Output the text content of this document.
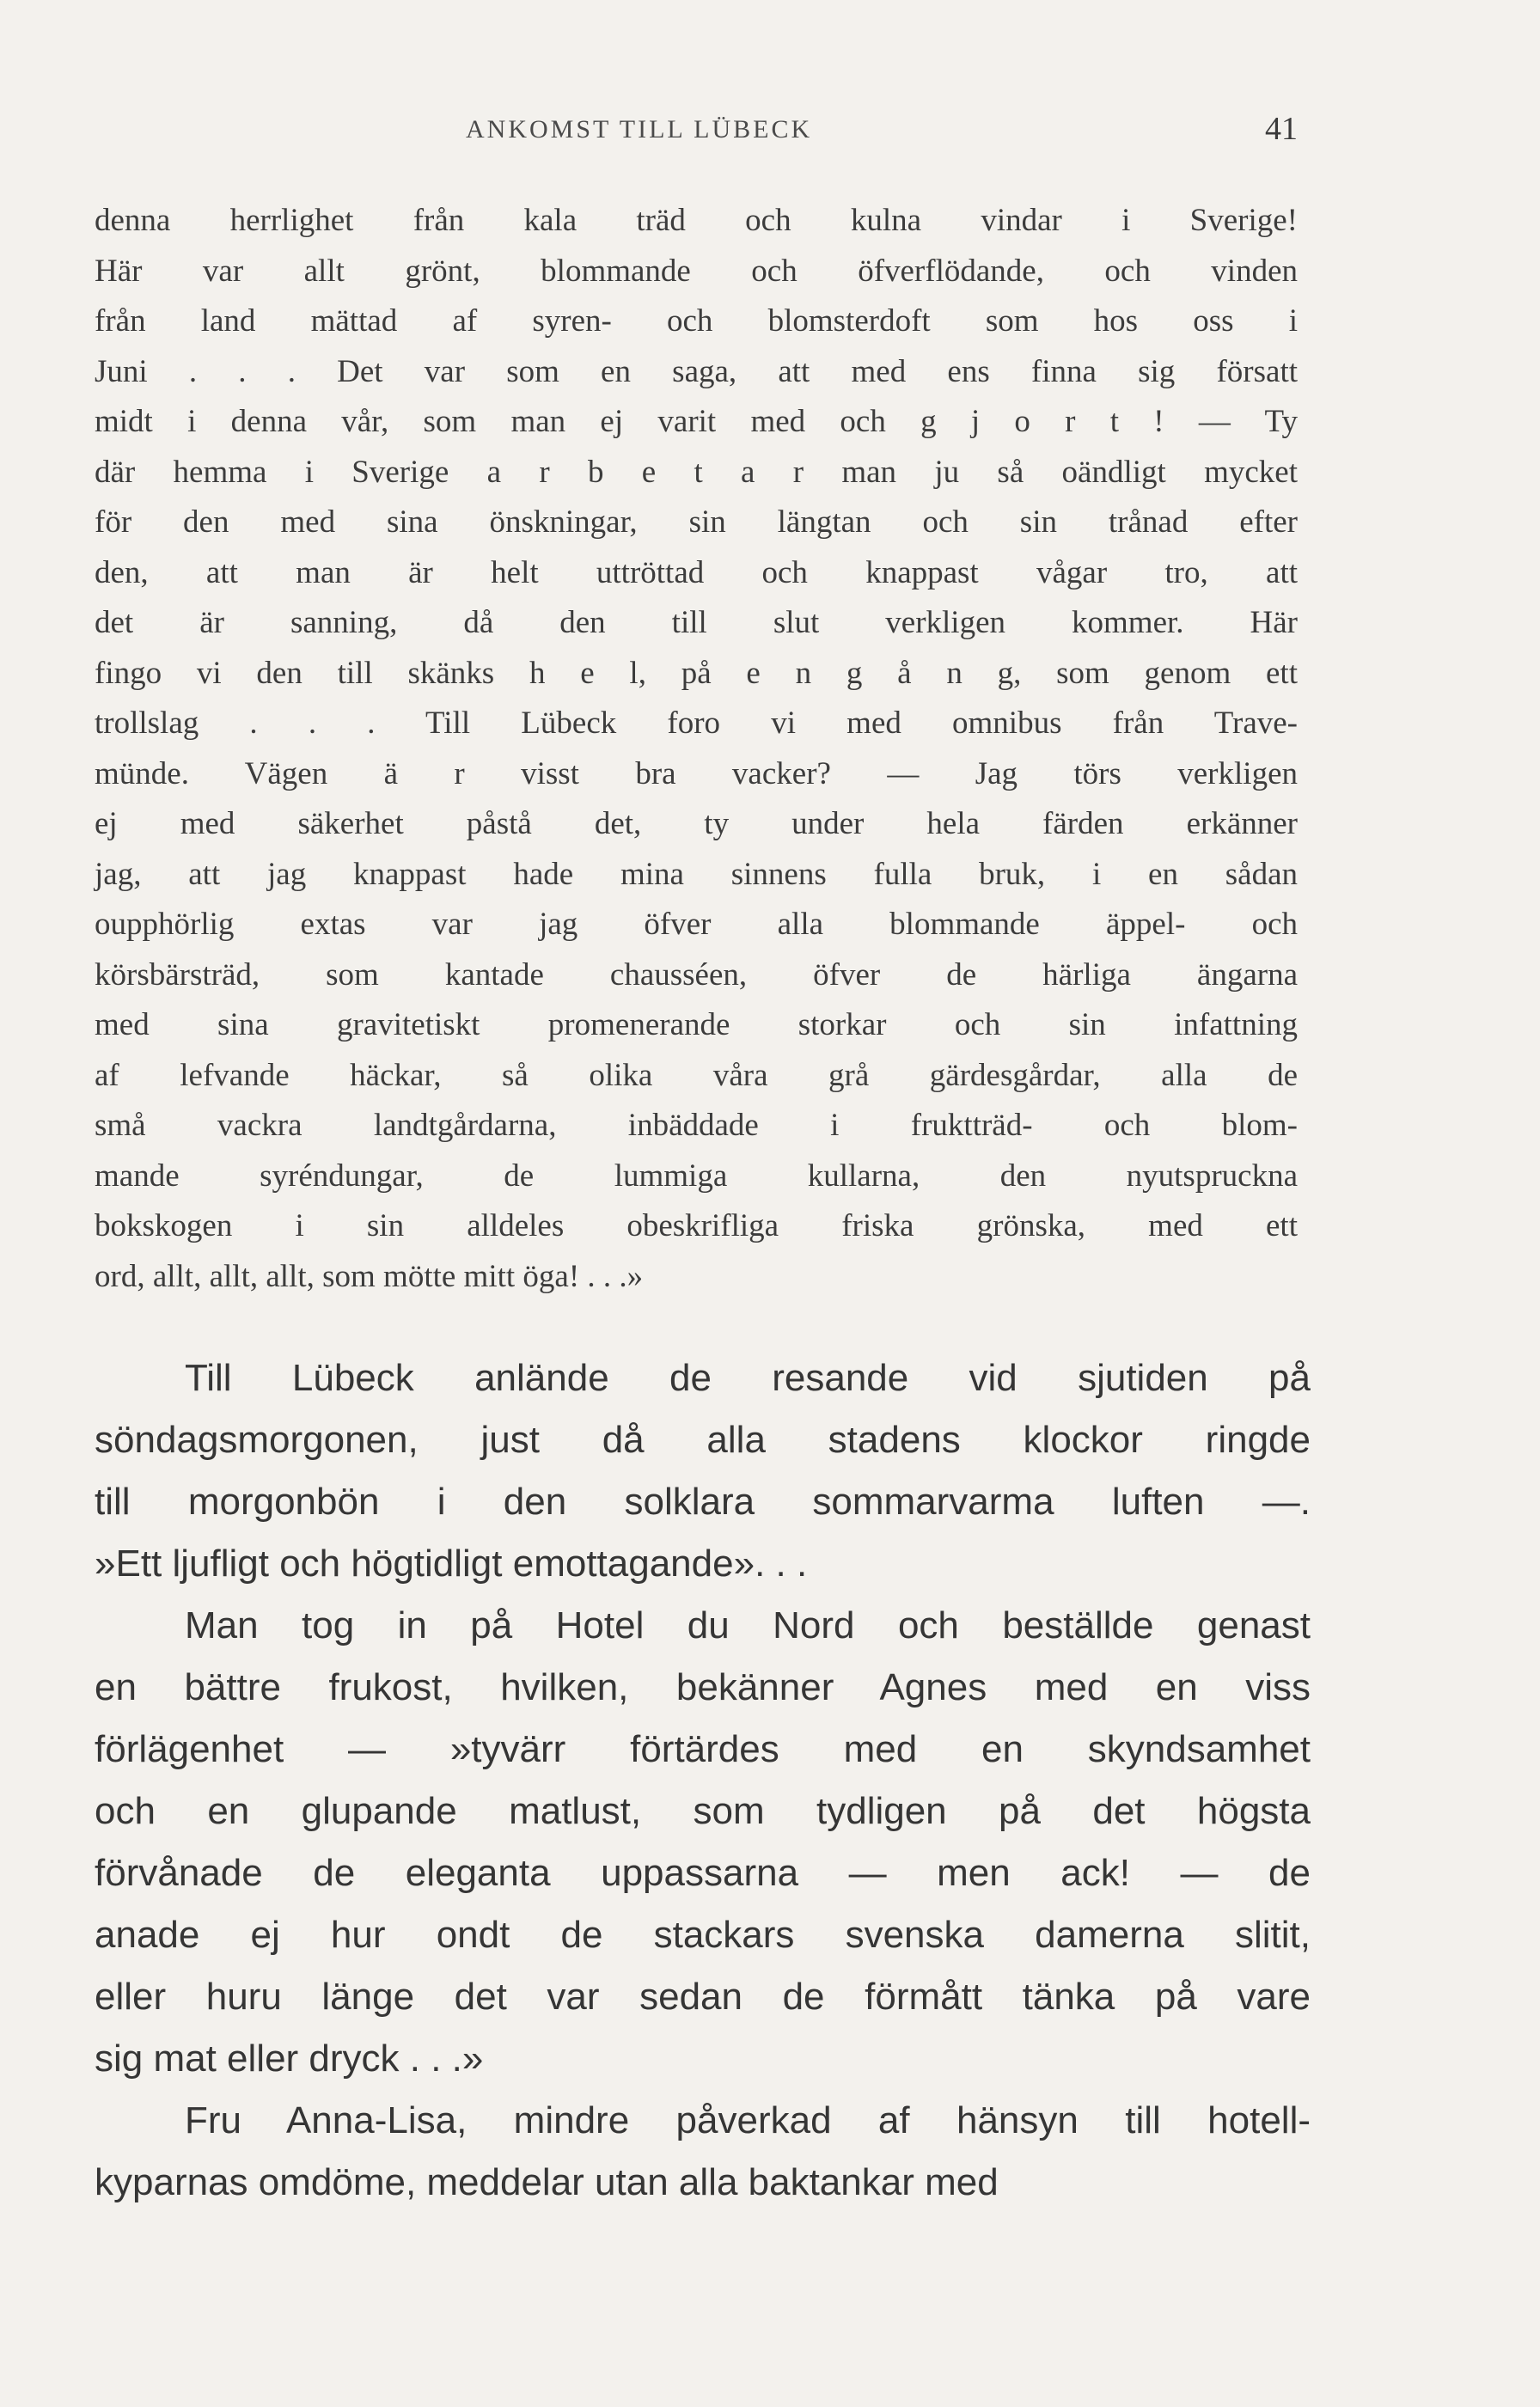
ANKOMST TILL LÜBECK	41
denna herrlighet från kala träd och kulna vindar i Sverige!
Här var allt grönt, blommande och öfverflödande, och vinden
från land mättad af syren- och blomsterdoft som hos oss i
Juni . . . Det var som en saga, att med ens finna sig försatt
midt i denna vår, som man ej varit med och g j o r t ! — Ty
där hemma i Sverige a r b e t a r man ju så oändligt mycket
för den med sina önskningar, sin längtan och sin trånad efter
den, att man är helt uttröttad och knappast vågar tro, att
det är sanning, då den till slut verkligen kommer. Här
fingo vi den till skänks h e l, på e n g å n g, som genom ett
trollslag . . . Till Lübeck foro vi med omnibus från Trave-
münde. Vägen ä r visst bra vacker? — Jag törs verkligen
ej med säkerhet påstå det, ty under hela färden erkänner
jag, att jag knappast hade mina sinnens fulla bruk, i en sådan
oupphörlig extas var jag öfver alla blommande äppel- och
körsbärsträd, som kantade chausséen, öfver de härliga ängarna
med sina gravitetiskt promenerande storkar och sin infattning
af lefvande häckar, så olika våra grå gärdesgårdar, alla de
små vackra landtgårdarna, inbäddade i fruktträd- och blom-
mande syréndungar, de lummiga kullarna, den nyutspruckna
bokskogen i sin alldeles obeskrifliga friska grönska, med ett
ord, allt, allt, allt, som mötte mitt öga! . . .»
Till Lübeck anlände de resande vid sjutiden på
söndagsmorgonen, just då alla stadens klockor ringde
till morgonbön i den solklara sommarvarma luften —.
»Ett ljufligt och högtidligt emottagande». . .
Man tog in på Hotel du Nord och beställde genast
en bättre frukost, hvilken, bekänner Agnes med en viss
förlägenhet — »tyvärr förtärdes med en skyndsamhet
och en glupande matlust, som tydligen på det högsta
förvånade de eleganta uppassarna — men ack! — de
anade ej hur ondt de stackars svenska damerna slitit,
eller huru länge det var sedan de förmått tänka på vare
sig mat eller dryck . . .»
Fru Anna-Lisa, mindre påverkad af hänsyn till hotell-
kyparnas omdöme, meddelar utan alla baktankar med
